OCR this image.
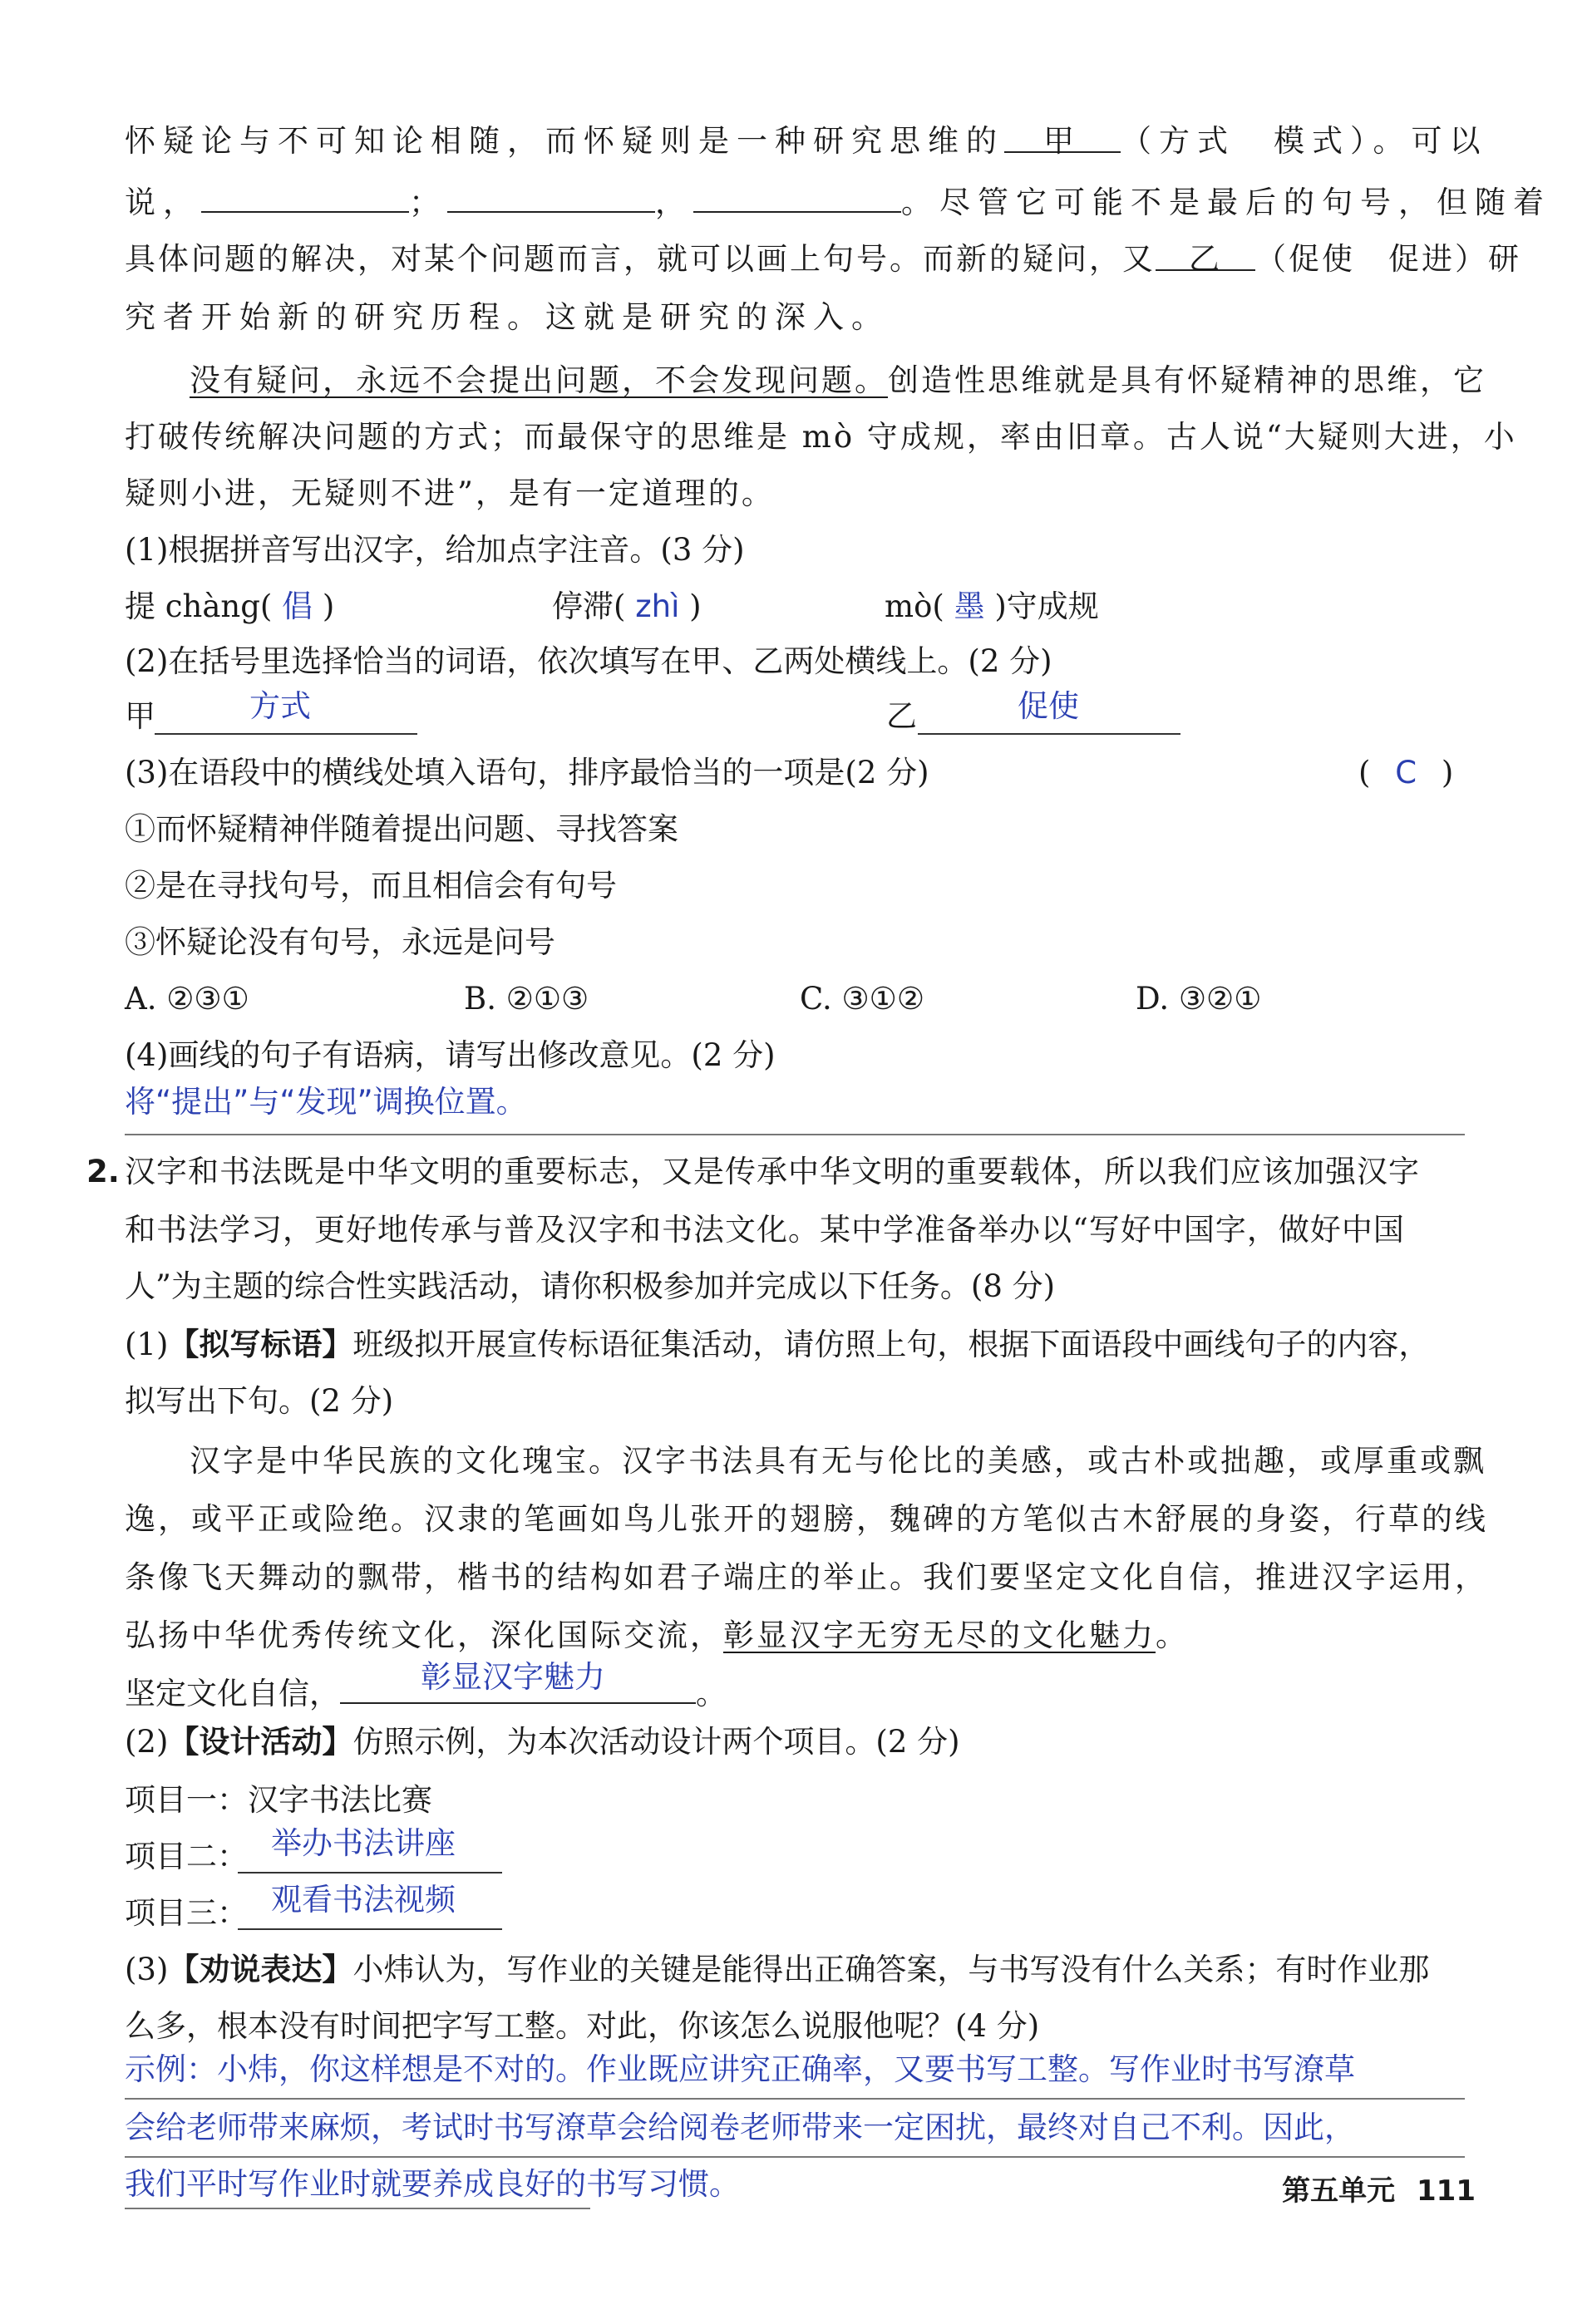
怀疑论与不可知论相随，而怀疑则是一种研究思维的 甲 （方式　模式）。可以
说，	；	，	。尽管它可能不是最后的句号，但随着
具体问题的解决，对某个问题而言，就可以画上句号。而新的疑问，又 乙 （促使　促进）研
究者开始新的研究历程。这就是研究的深入。
没有疑问，永远不会提出问题，不会发现问题。创造性思维就是具有怀疑精神的思维，它
打破传统解决问题的方式；而最保守的思维是 mò 守成规，率由旧章。古人说“大疑则大进，小
疑则小进，无疑则不进”，是有一定道理的。
(1)根据拼音写出汉字，给加点字注音。(3 分)
提 chàng( 倡 )	停滞( zhì )	mò( 墨 )守成规
(2)在括号里选择恰当的词语，依次填写在甲、乙两处横线上。(2 分)
甲	方式	乙	促使
(3)在语段中的横线处填入语句，排序最恰当的一项是(2 分)	( C )
①而怀疑精神伴随着提出问题、寻找答案
②是在寻找句号，而且相信会有句号
③怀疑论没有句号，永远是问号
A. ②③①	B. ②①③	C. ③①②	D. ③②①
(4)画线的句子有语病，请写出修改意见。(2 分)
将“提出”与“发现”调换位置。
2. 汉字和书法既是中华文明的重要标志，又是传承中华文明的重要载体，所以我们应该加强汉字
和书法学习，更好地传承与普及汉字和书法文化。某中学准备举办以“写好中国字，做好中国
人”为主题的综合性实践活动，请你积极参加并完成以下任务。(8 分)
(1)【拟写标语】班级拟开展宣传标语征集活动，请仿照上句，根据下面语段中画线句子的内容，
拟写出下句。(2 分)
汉字是中华民族的文化瑰宝。汉字书法具有无与伦比的美感，或古朴或拙趣，或厚重或飘
逸，或平正或险绝。汉隶的笔画如鸟儿张开的翅膀，魏碑的方笔似古木舒展的身姿，行草的线
条像飞天舞动的飘带，楷书的结构如君子端庄的举止。我们要坚定文化自信，推进汉字运用，
弘扬中华优秀传统文化，深化国际交流，彰显汉字无穷无尽的文化魅力。
坚定文化自信，	。
彰显汉字魅力
(2)【设计活动】仿照示例，为本次活动设计两个项目。(2 分)
项目一：汉字书法比赛
项目二： 举办书法讲座
项目三： 观看书法视频
(3)【劝说表达】小炜认为，写作业的关键是能得出正确答案，与书写没有什么关系；有时作业那
么多，根本没有时间把字写工整。对此，你该怎么说服他呢？(4 分)
示例：小炜，你这样想是不对的。作业既应讲究正确率，又要书写工整。写作业时书写潦草
会给老师带来麻烦，考试时书写潦草会给阅卷老师带来一定困扰，最终对自己不利。因此，
我们平时写作业时就要养成良好的书写习惯。	第五单元 111
